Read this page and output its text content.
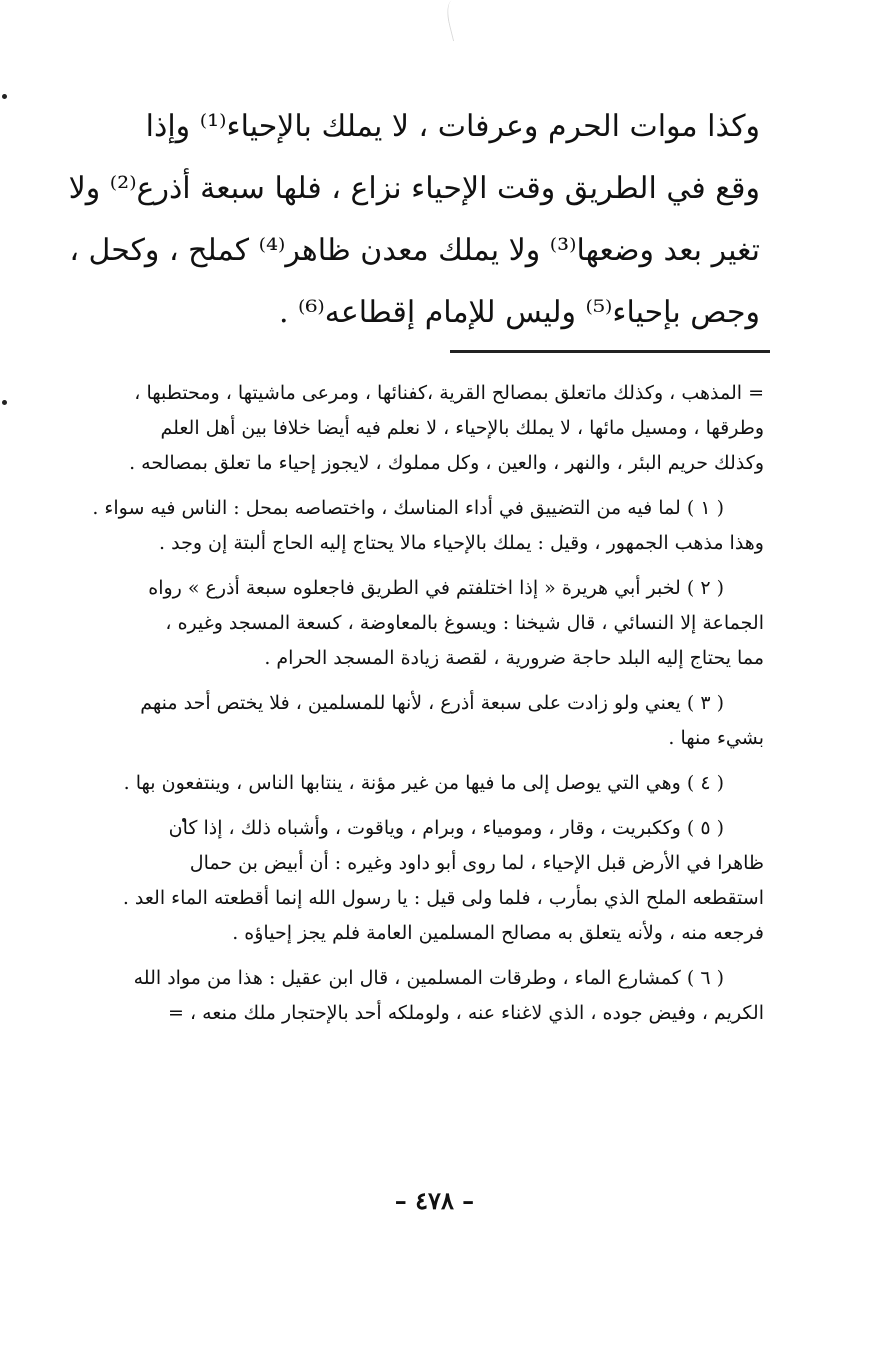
وكذا موات الحرم وعرفات ، لا يملك بالإحياء⁽¹⁾ وإذا
وقع في الطريق وقت الإحياء نزاع ، فلها سبعة أذرع⁽²⁾ ولا
تغير بعد وضعها⁽³⁾ ولا يملك معدن ظاهر⁽⁴⁾ كملح ، وكحل ،
وجص بإحياء⁽⁵⁾ وليس للإمام إقطاعه⁽⁶⁾ .
= المذهب ، وكذلك ماتعلق بمصالح القرية ،كفنائها ، ومرعى ماشيتها ، ومحتطبها ،
وطرقها ، ومسيل مائها ، لا يملك بالإحياء ، لا نعلم فيه أيضا خلافا بين أهل العلم
وكذلك حريم البئر ، والنهر ، والعين ، وكل مملوك ، لايجوز إحياء ما تعلق بمصالحه .
( ١ ) لما فيه من التضييق في أداء المناسك ، واختصاصه بمحل : الناس فيه سواء .
وهذا مذهب الجمهور ، وقيل : يملك بالإحياء مالا يحتاج إليه الحاج ألبتة إن وجد .
( ٢ ) لخبر أبي هريرة « إذا اختلفتم في الطريق فاجعلوه سبعة أذرع » رواه
الجماعة إلا النسائي ، قال شيخنا : ويسوغ بالمعاوضة ، كسعة المسجد وغيره ،
مما يحتاج إليه البلد حاجة ضرورية ، لقصة زيادة المسجد الحرام .
( ٣ ) يعني ولو زادت على سبعة أذرع ، لأنها للمسلمين ، فلا يختص أحد منهم
بشيء منها .
( ٤ ) وهي التي يوصل إلى ما فيها من غير مؤنة ، ينتابها الناس ، وينتفعون بها .
( ٥ ) وككبريت ، وقار ، ومومياء ، وبرام ، وياقوت ، وأشباه ذلك ، إذا كان
ظاهرا في الأرض قبل الإحياء ، لما روى أبو داود وغيره : أن أبيض بن حمال
استقطعه الملح الذي بمأرب ، فلما ولى قيل : يا رسول الله إنما أقطعته الماء العد .
فرجعه منه ، ولأنه يتعلق به مصالح المسلمين العامة فلم يجز إحياؤه .
( ٦ ) كمشارع الماء ، وطرقات المسلمين ، قال ابن عقيل : هذا من مواد الله
الكريم ، وفيض جوده ، الذي لاغناء عنه ، ولوملكه أحد بالإحتجار ملك منعه ، =
– ٤٧٨ –
